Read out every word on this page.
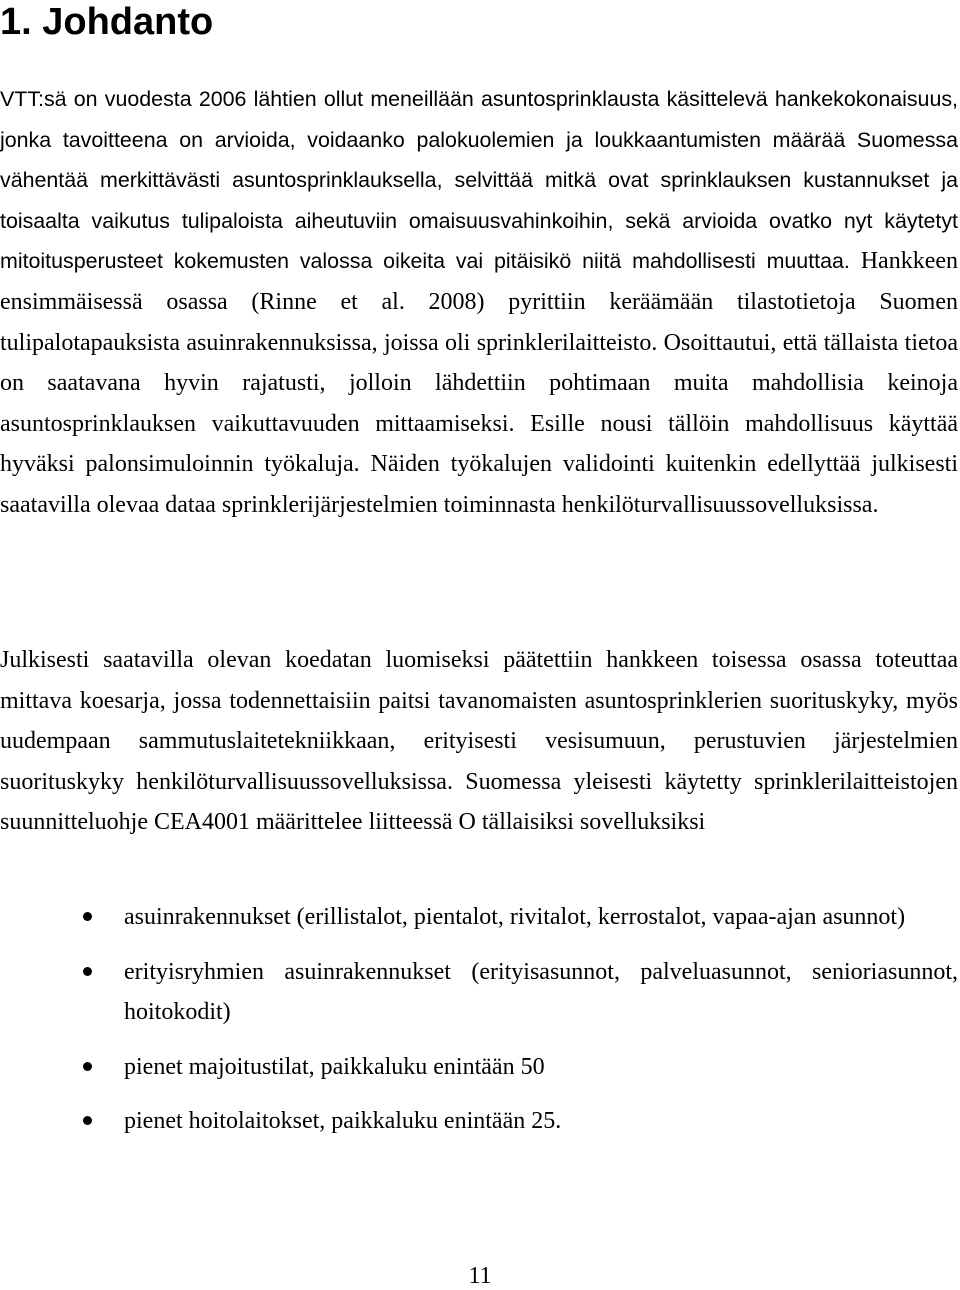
1. Johdanto

VTT:sä on vuodesta 2006 lähtien ollut meneillään asuntosprinklausta käsittelevä hankekokonaisuus, jonka tavoitteena on arvioida, voidaanko palokuolemien ja loukkaantumisten määrää Suomessa vähentää merkittävästi asuntosprinklauksella, selvittää mitkä ovat sprinklauksen kustannukset ja toisaalta vaikutus tulipaloista aiheutuviin omaisuusvahinkoihin, sekä arvioida ovatko nyt käytetyt mitoitusperusteet kokemusten valossa oikeita vai pitäisikö niitä mahdollisesti muuttaa. Hankkeen ensimmäisessä osassa (Rinne et al. 2008) pyrittiin keräämään tilastotietoja Suomen tulipalotapauksista asuinrakennuksissa, joissa oli sprinklerilaitteisto. Osoittautui, että tällaista tietoa on saatavana hyvin rajatusti, jolloin lähdettiin pohtimaan muita mahdollisia keinoja asuntosprinklauksen vaikuttavuuden mittaamiseksi. Esille nousi tällöin mahdollisuus käyttää hyväksi palonsimuloinnin työkaluja. Näiden työkalujen validointi kuitenkin edellyttää julkisesti saatavilla olevaa dataa sprinklerijärjestelmien toiminnasta henkilöturvallisuussovelluksissa.

Julkisesti saatavilla olevan koedatan luomiseksi päätettiin hankkeen toisessa osassa toteuttaa mittava koesarja, jossa todennettaisiin paitsi tavanomaisten asuntosprinklerien suorituskyky, myös uudempaan sammutuslaitetekniikkaan, erityisesti vesisumuun, perustuvien järjestelmien suorituskyky henkilöturvallisuussovelluksissa. Suomessa yleisesti käytetty sprinklerilaitteistojen suunnitteluohje CEA4001 määrittelee liitteessä O tällaisiksi sovelluksiksi

asuinrakennukset (erillistalot, pientalot, rivitalot, kerrostalot, vapaa-ajan asunnot)
erityisryhmien asuinrakennukset (erityisasunnot, palveluasunnot, senioriasunnot, hoitokodit)
pienet majoitustilat, paikkaluku enintään 50
pienet hoitolaitokset, paikkaluku enintään 25.
11
